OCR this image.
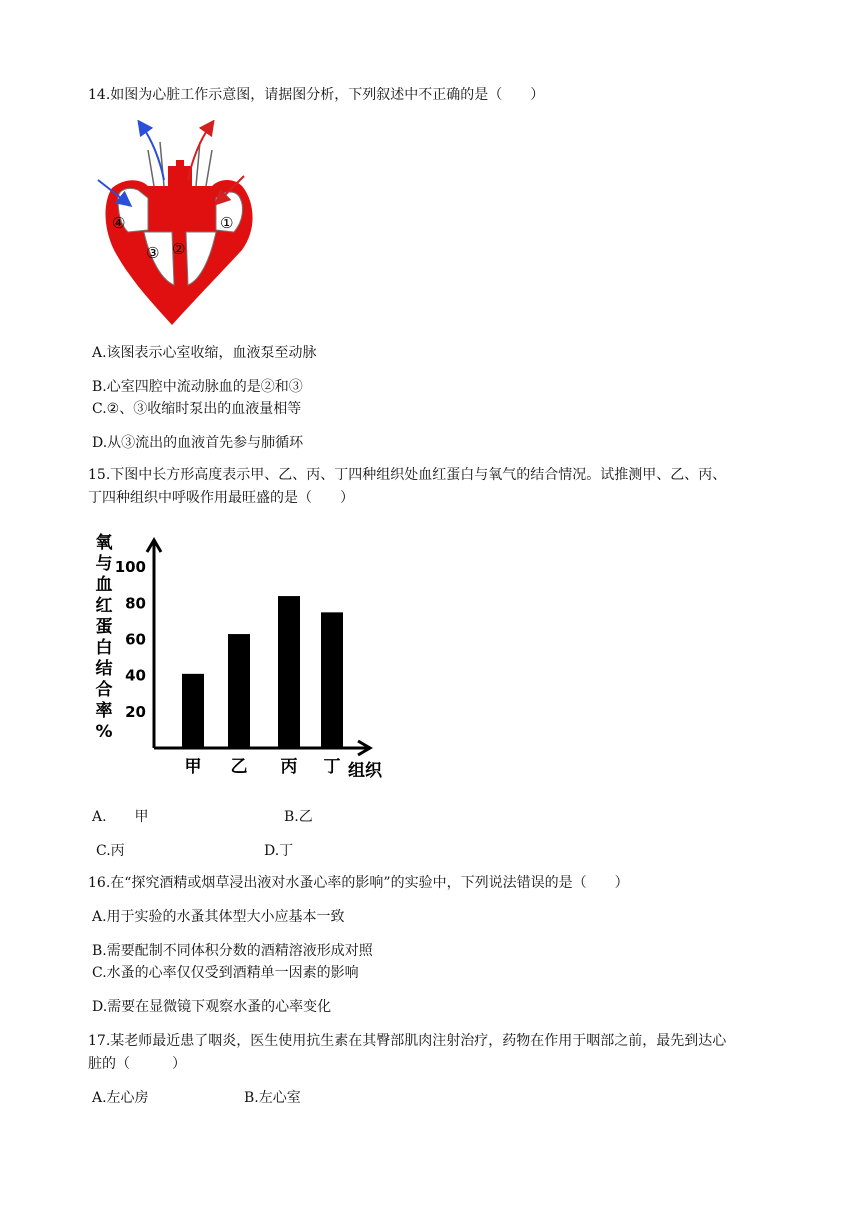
14.如图为心脏工作示意图，请据图分析，下列叙述中不正确的是（　　）
④	①
③ ②
A.该图表示心室收缩，血液泵至动脉
B.心室四腔中流动脉血的是②和③
C.②、③收缩时泵出的血液量相等
D.从③流出的血液首先参与肺循环
15.下图中长方形高度表示甲、乙、丙、丁四种组织处血红蛋白与氧气的结合情况。试推测甲、乙、丙、
丁四种组织中呼吸作用最旺盛的是（　　）
氧
与
血
红
蛋
白
结
合
率
%
20
40
60
80
100
甲 乙 丙 丁 组织
A.　　甲	B.乙
C.丙	D.丁
16.在“探究酒精或烟草浸出液对水蚤心率的影响”的实验中，下列说法错误的是（　　）
A.用于实验的水蚤其体型大小应基本一致
B.需要配制不同体积分数的酒精溶液形成对照
C.水蚤的心率仅仅受到酒精单一因素的影响
D.需要在显微镜下观察水蚤的心率变化
17.某老师最近患了咽炎，医生使用抗生素在其臀部肌肉注射治疗，药物在作用于咽部之前，最先到达心
脏的（　　　）
A.左心房	B.左心室
